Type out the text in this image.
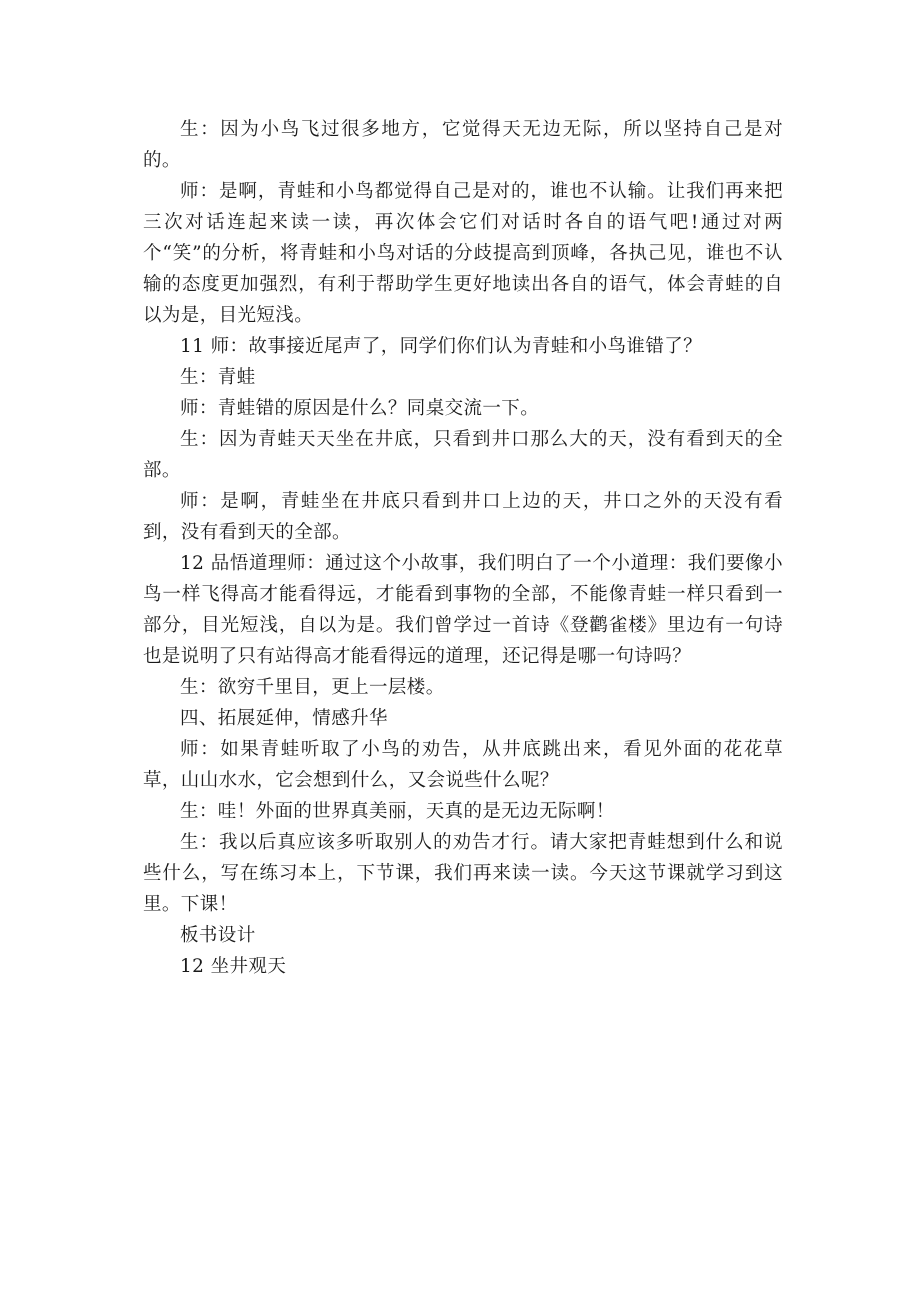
生：因为小鸟飞过很多地方，它觉得天无边无际，所以坚持自己是对的。

师：是啊，青蛙和小鸟都觉得自己是对的，谁也不认输。让我们再来把三次对话连起来读一读，再次体会它们对话时各自的语气吧!通过对两个“笑”的分析，将青蛙和小鸟对话的分歧提高到顶峰，各执己见，谁也不认输的态度更加强烈，有利于帮助学生更好地读出各自的语气，体会青蛙的自以为是，目光短浅。

11 师：故事接近尾声了，同学们你们认为青蛙和小鸟谁错了？

生：青蛙

师：青蛙错的原因是什么？同桌交流一下。

生：因为青蛙天天坐在井底，只看到井口那么大的天，没有看到天的全部。

师：是啊，青蛙坐在井底只看到井口上边的天，井口之外的天没有看到，没有看到天的全部。

12 品悟道理师：通过这个小故事，我们明白了一个小道理：我们要像小鸟一样飞得高才能看得远，才能看到事物的全部，不能像青蛙一样只看到一部分，目光短浅，自以为是。我们曾学过一首诗《登鹳雀楼》里边有一句诗也是说明了只有站得高才能看得远的道理，还记得是哪一句诗吗？

生：欲穷千里目，更上一层楼。

四、拓展延伸，情感升华

师：如果青蛙听取了小鸟的劝告，从井底跳出来，看见外面的花花草草，山山水水，它会想到什么，又会说些什么呢？

生：哇！外面的世界真美丽，天真的是无边无际啊！

生：我以后真应该多听取别人的劝告才行。请大家把青蛙想到什么和说些什么，写在练习本上，下节课，我们再来读一读。今天这节课就学习到这里。下课！

板书设计

12 坐井观天
